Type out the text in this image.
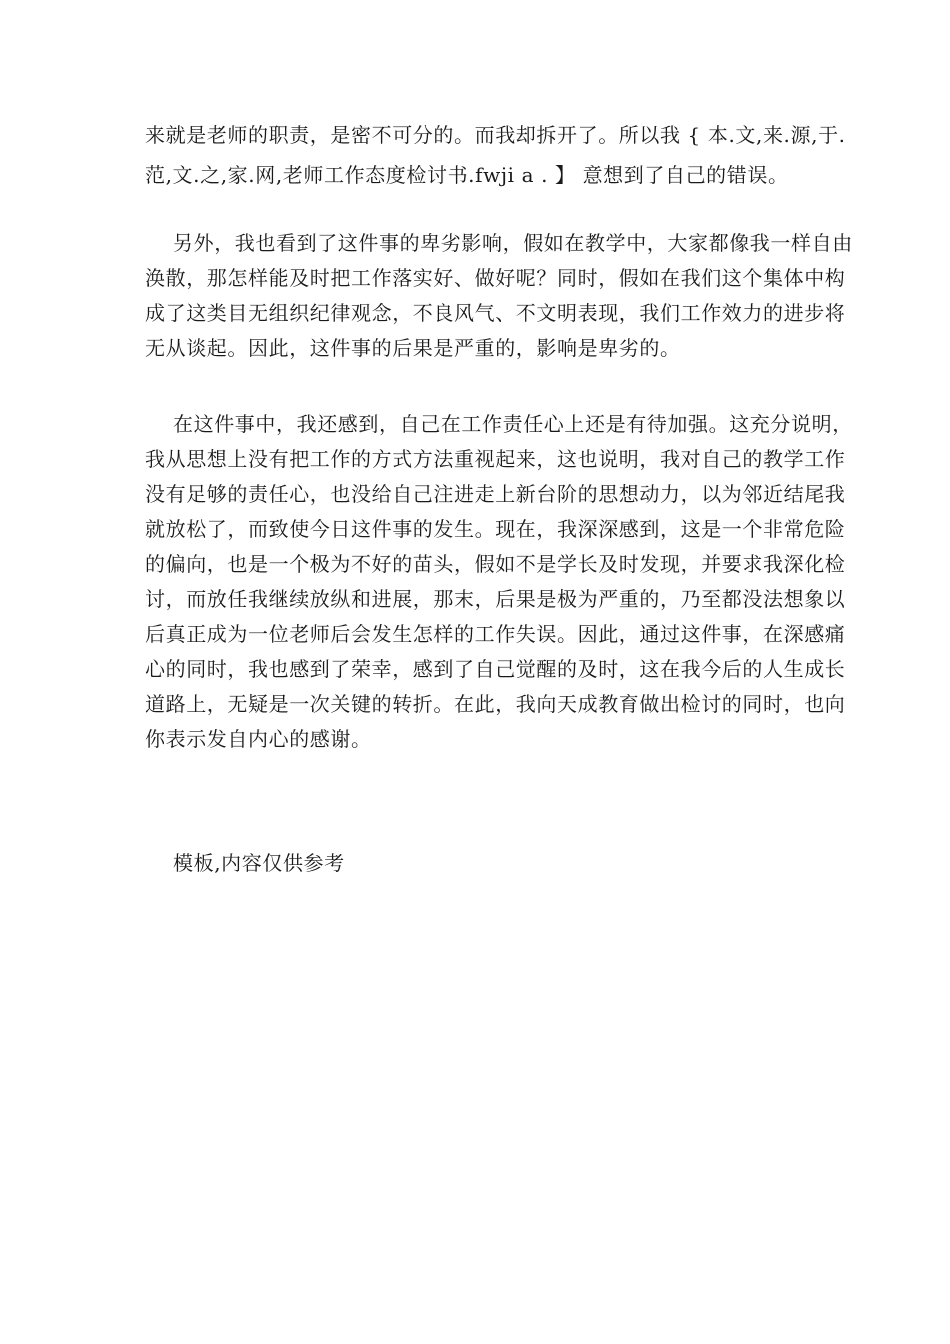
来就是老师的职责，是密不可分的。而我却拆开了。所以我 { 本.文,来.源,于.
范,文.之,家.网,老师工作态度检讨书.fwji a . 】 意想到了自己的错误。
另外，我也看到了这件事的卑劣影响，假如在教学中，大家都像我一样自由
涣散，那怎样能及时把工作落实好、做好呢？同时，假如在我们这个集体中构
成了这类目无组织纪律观念，不良风气、不文明表现，我们工作效力的进步将
无从谈起。因此，这件事的后果是严重的，影响是卑劣的。
在这件事中，我还感到，自己在工作责任心上还是有待加强。这充分说明，
我从思想上没有把工作的方式方法重视起来，这也说明，我对自己的教学工作
没有足够的责任心，也没给自己注进走上新台阶的思想动力，以为邻近结尾我
就放松了，而致使今日这件事的发生。现在，我深深感到，这是一个非常危险
的偏向，也是一个极为不好的苗头，假如不是学长及时发现，并要求我深化检
讨，而放任我继续放纵和进展，那末，后果是极为严重的，乃至都没法想象以
后真正成为一位老师后会发生怎样的工作失误。因此，通过这件事，在深感痛
心的同时，我也感到了荣幸，感到了自己觉醒的及时，这在我今后的人生成长
道路上，无疑是一次关键的转折。在此，我向天成教育做出检讨的同时，也向
你表示发自内心的感谢。
模板,内容仅供参考
